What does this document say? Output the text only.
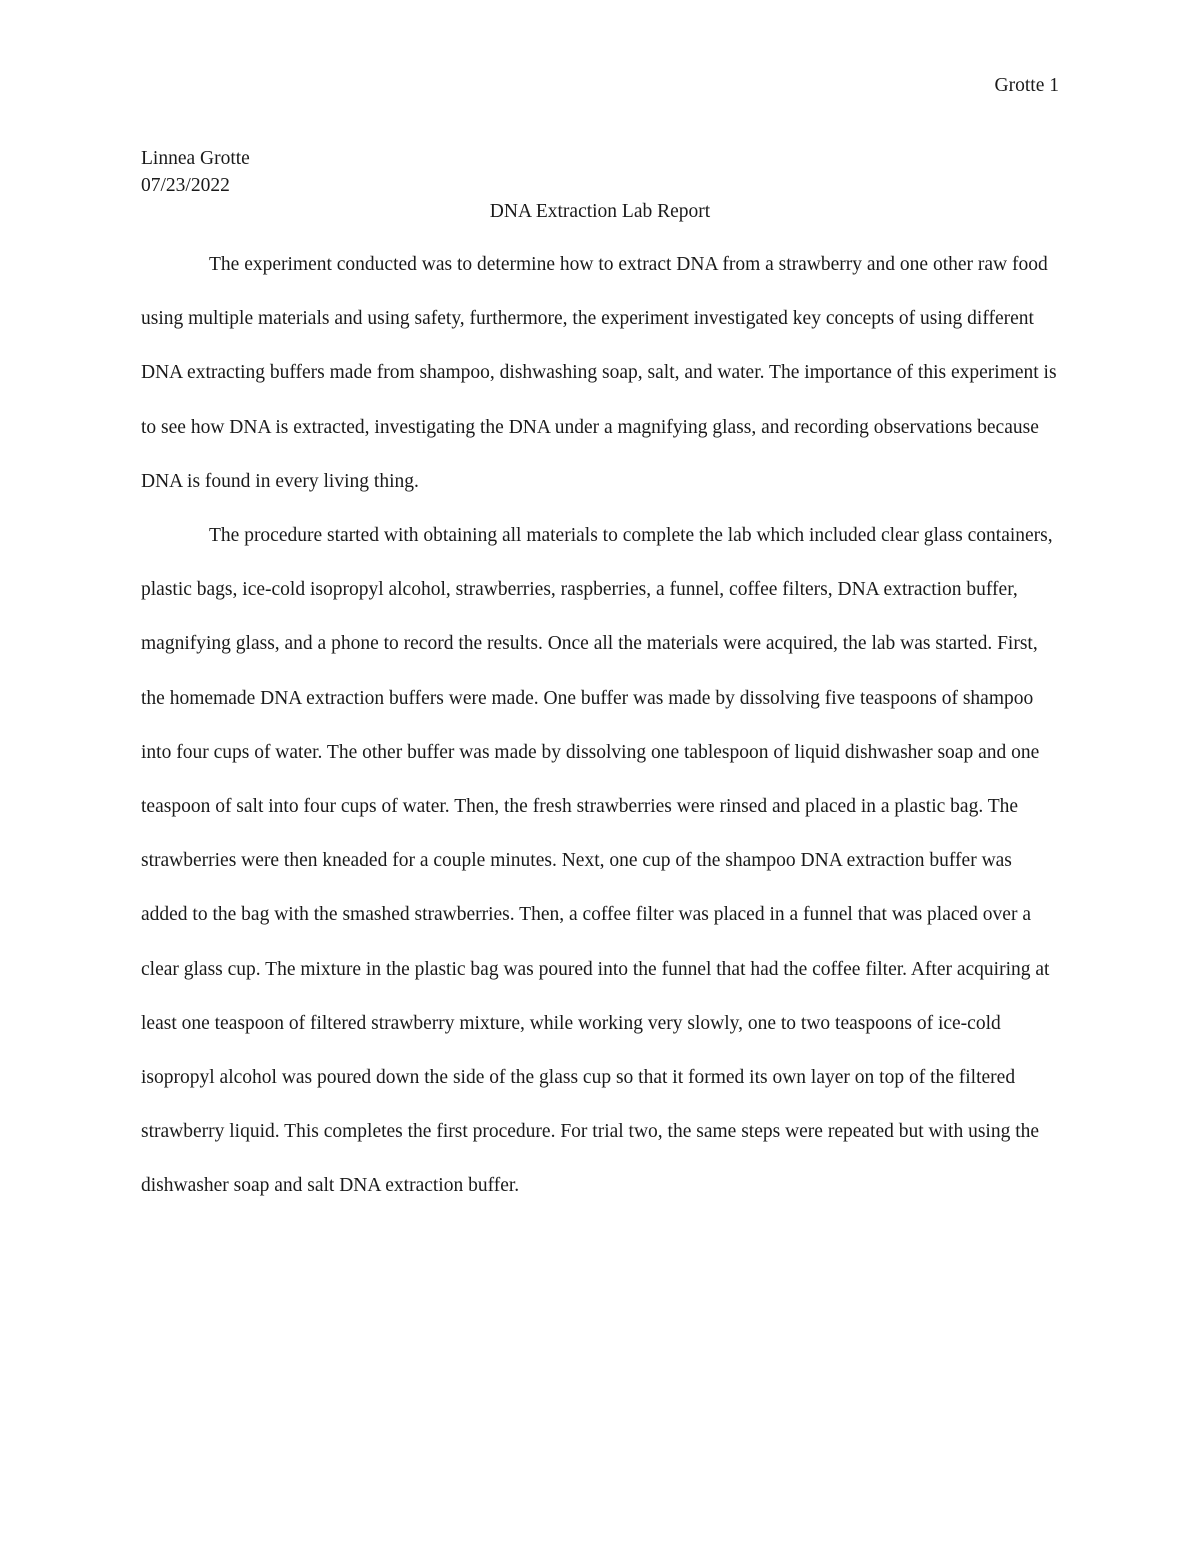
Grotte 1
Linnea Grotte
07/23/2022
DNA Extraction Lab Report

The experiment conducted was to determine how to extract DNA from a strawberry and one other raw food using multiple materials and using safety, furthermore, the experiment investigated key concepts of using different DNA extracting buffers made from shampoo, dishwashing soap, salt, and water. The importance of this experiment is to see how DNA is extracted, investigating the DNA under a magnifying glass, and recording observations because DNA is found in every living thing.

The procedure started with obtaining all materials to complete the lab which included clear glass containers, plastic bags, ice-cold isopropyl alcohol, strawberries, raspberries, a funnel, coffee filters, DNA extraction buffer, magnifying glass, and a phone to record the results. Once all the materials were acquired, the lab was started. First, the homemade DNA extraction buffers were made. One buffer was made by dissolving five teaspoons of shampoo into four cups of water. The other buffer was made by dissolving one tablespoon of liquid dishwasher soap and one teaspoon of salt into four cups of water. Then, the fresh strawberries were rinsed and placed in a plastic bag. The strawberries were then kneaded for a couple minutes. Next, one cup of the shampoo DNA extraction buffer was added to the bag with the smashed strawberries. Then, a coffee filter was placed in a funnel that was placed over a clear glass cup. The mixture in the plastic bag was poured into the funnel that had the coffee filter. After acquiring at least one teaspoon of filtered strawberry mixture, while working very slowly, one to two teaspoons of ice-cold isopropyl alcohol was poured down the side of the glass cup so that it formed its own layer on top of the filtered strawberry liquid. This completes the first procedure. For trial two, the same steps were repeated but with using the dishwasher soap and salt DNA extraction buffer.
